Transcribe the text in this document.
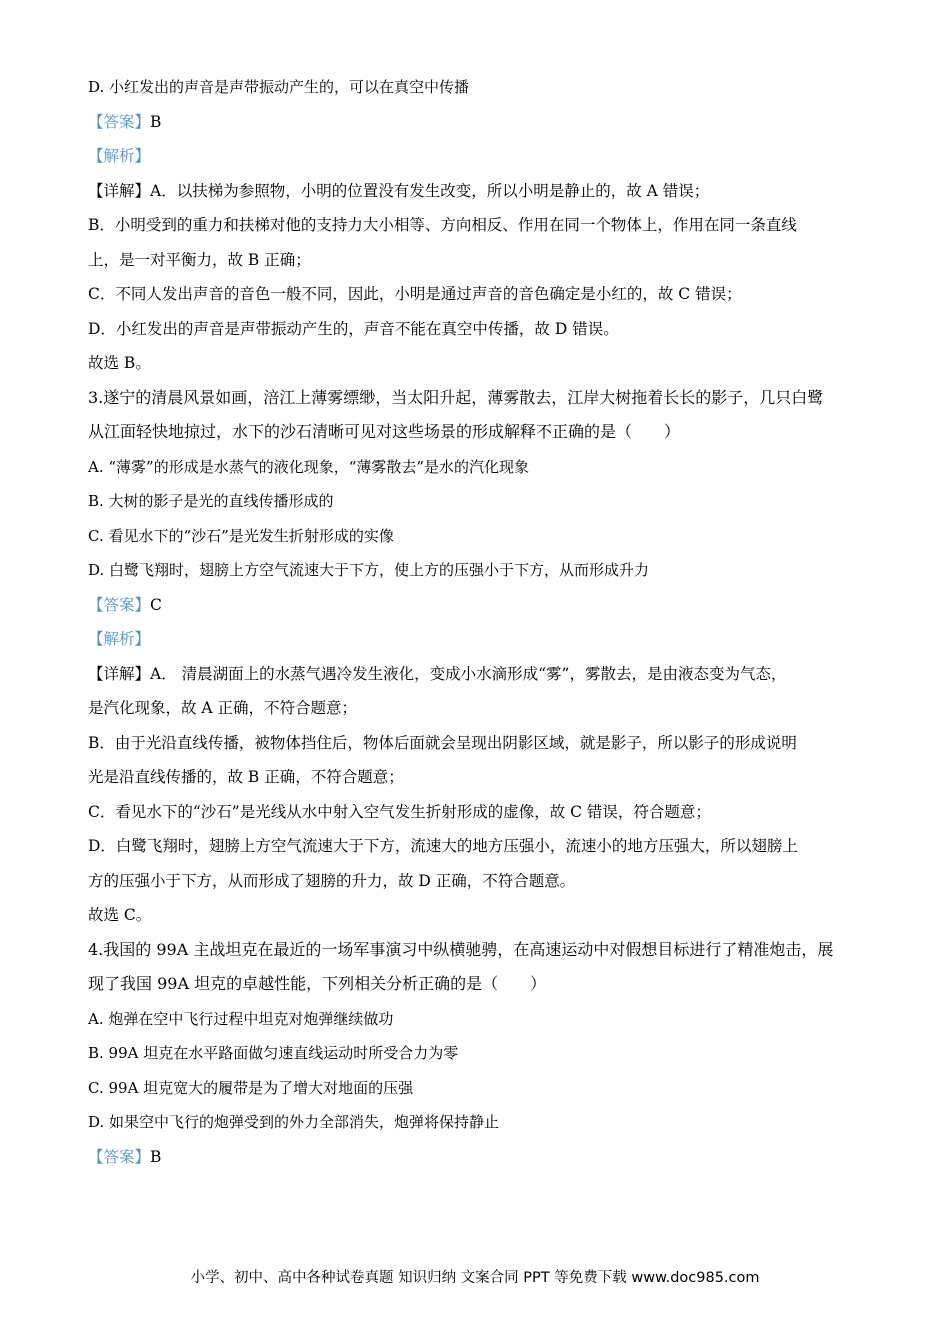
D. 小红发出的声音是声带振动产生的，可以在真空中传播
【答案】B
【解析】
【详解】A．以扶梯为参照物，小明的位置没有发生改变，所以小明是静止的，故 A 错误；
B．小明受到的重力和扶梯对他的支持力大小相等、方向相反、作用在同一个物体上，作用在同一条直线
上，是一对平衡力，故 B 正确；
C．不同人发出声音的音色一般不同，因此，小明是通过声音的音色确定是小红的，故 C 错误；
D．小红发出的声音是声带振动产生的，声音不能在真空中传播，故 D 错误。
故选 B。
3.遂宁的清晨风景如画，涪江上薄雾缥缈，当太阳升起，薄雾散去，江岸大树拖着长长的影子，几只白鹭
从江面轻快地掠过，水下的沙石清晰可见对这些场景的形成解释不正确的是（　　）
A. “薄雾”的形成是水蒸气的液化现象，“薄雾散去”是水的汽化现象
B. 大树的影子是光的直线传播形成的
C. 看见水下的“沙石”是光发生折射形成的实像
D. 白鹭飞翔时，翅膀上方空气流速大于下方，使上方的压强小于下方，从而形成升力
【答案】C
【解析】
【详解】A． 清晨湖面上的水蒸气遇冷发生液化，变成小水滴形成“雾”，雾散去，是由液态变为气态，
是汽化现象，故 A 正确，不符合题意；
B．由于光沿直线传播，被物体挡住后，物体后面就会呈现出阴影区域，就是影子，所以影子的形成说明
光是沿直线传播的，故 B 正确，不符合题意；
C．看见水下的“沙石”是光线从水中射入空气发生折射形成的虚像，故 C 错误，符合题意；
D．白鹭飞翔时，翅膀上方空气流速大于下方，流速大的地方压强小，流速小的地方压强大，所以翅膀上
方的压强小于下方，从而形成了翅膀的升力，故 D 正确，不符合题意。
故选 C。
4.我国的 99A 主战坦克在最近的一场军事演习中纵横驰骋，在高速运动中对假想目标进行了精准炮击，展
现了我国 99A 坦克的卓越性能，下列相关分析正确的是（　　）
A. 炮弹在空中飞行过程中坦克对炮弹继续做功
B. 99A 坦克在水平路面做匀速直线运动时所受合力为零
C. 99A 坦克宽大的履带是为了增大对地面的压强
D. 如果空中飞行的炮弹受到的外力全部消失，炮弹将保持静止
【答案】B
小学、初中、高中各种试卷真题 知识归纳 文案合同 PPT 等免费下载 www.doc985.com
